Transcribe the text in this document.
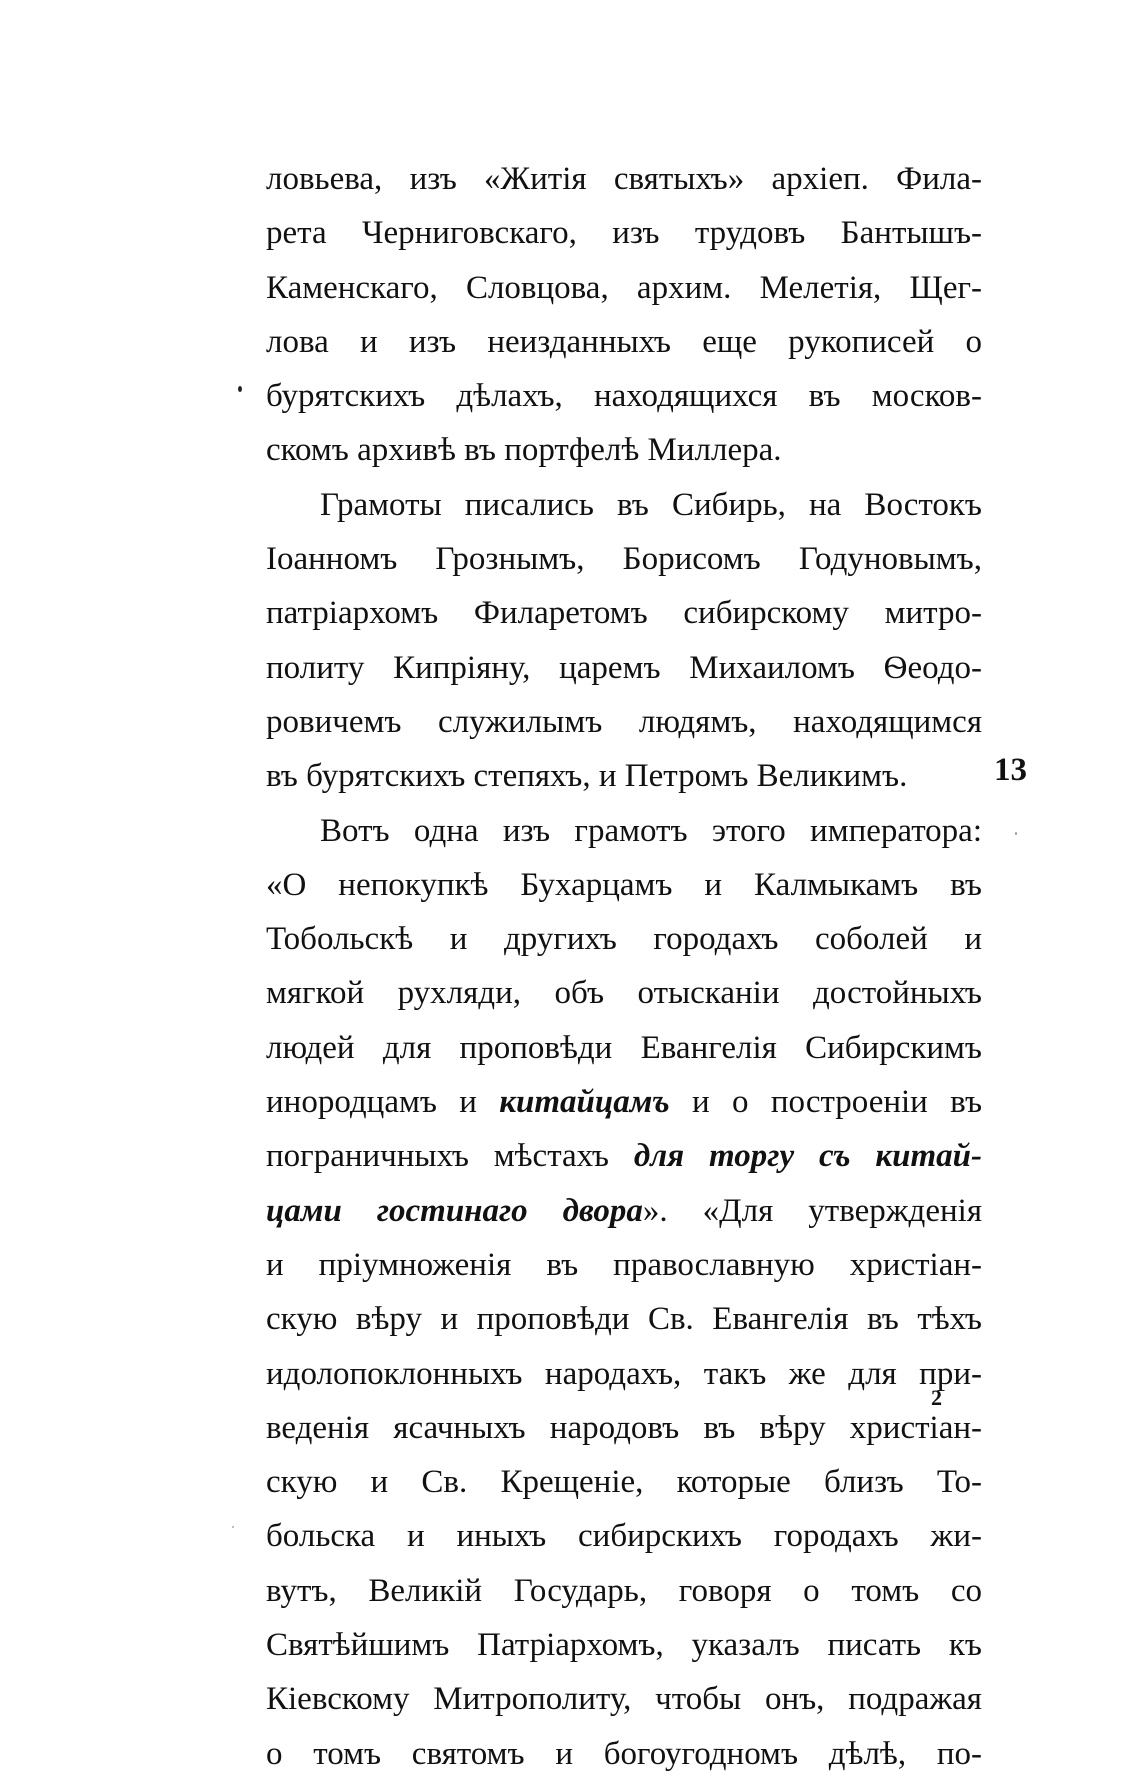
ловьева, изъ «Житія святыхъ» архіеп. Фила-
рета Черниговскаго, изъ трудовъ Бантышъ-
Каменскаго, Словцова, архим. Мелетія, Щег-
лова и изъ неизданныхъ еще рукописей о
бурятскихъ дѣлахъ, находящихся въ москов-
скомъ архивѣ въ портфелѣ Миллера.
Грамоты писались въ Сибирь, на Востокъ
Іоанномъ Грознымъ, Борисомъ Годуновымъ,
патріархомъ Филаретомъ сибирскому митро-
политу Кипріяну, царемъ Михаиломъ Ѳеодо-
ровичемъ служилымъ людямъ, находящимся
въ бурятскихъ степяхъ, и Петромъ Великимъ.
Вотъ одна изъ грамотъ этого императора:
«О непокупкѣ Бухарцамъ и Калмыкамъ въ
Тобольскѣ и другихъ городахъ соболей и
мягкой рухляди, объ отысканіи достойныхъ
людей для проповѣди Евангелія Сибирскимъ
инородцамъ и китайцамъ и о построеніи въ
пограничныхъ мѣстахъ для торгу съ китай-
цами гостинаго двора». «Для утвержденія
и пріумноженія въ православную христіан-
скую вѣру и проповѣди Св. Евангелія въ тѣхъ
идолопоклонныхъ народахъ, такъ же для при-
веденія ясачныхъ народовъ въ вѣру христіан-
скую и Св. Крещеніе, которые близъ То-
больска и иныхъ сибирскихъ городахъ жи-
вутъ, Великій Государь, говоря о томъ со
Святѣйшимъ Патріархомъ, указалъ писать къ
Кіевскому Митрополиту, чтобы онъ, подражая
о томъ святомъ и богоугодномъ дѣлѣ, по-
13
2
